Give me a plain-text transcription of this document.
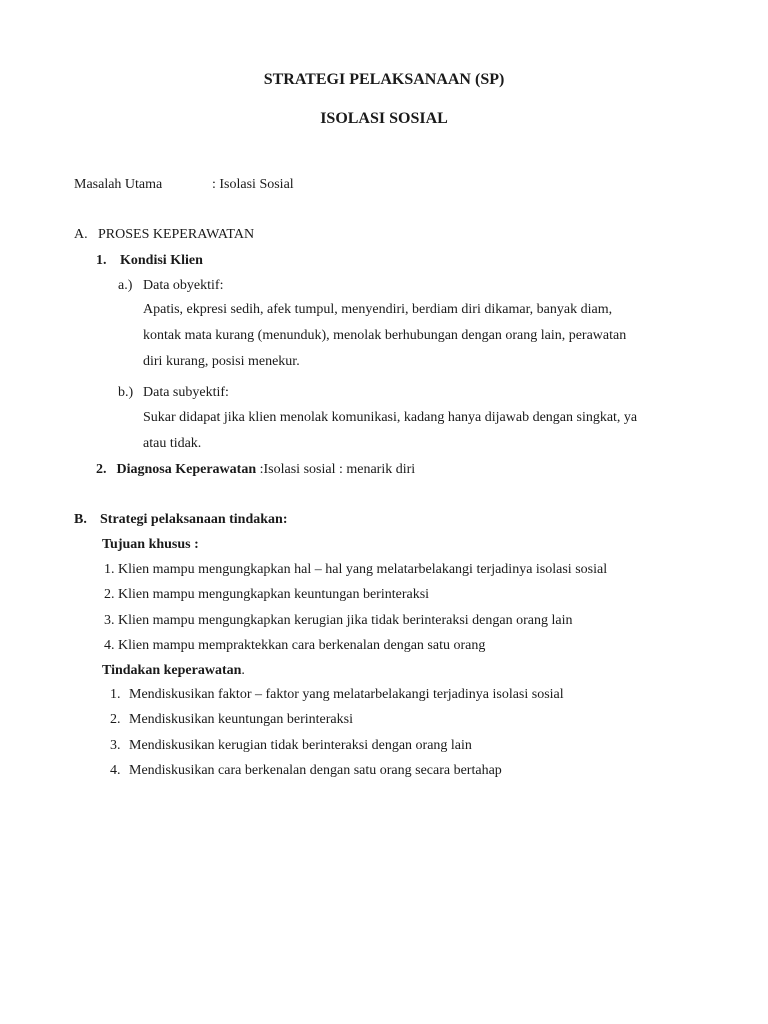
STRATEGI PELAKSANAAN (SP)
ISOLASI SOSIAL
Masalah Utama	: Isolasi Sosial
A. PROSES KEPERAWATAN
1. Kondisi Klien
a.) Data obyektif:
Apatis, ekpresi sedih, afek tumpul, menyendiri, berdiam diri dikamar, banyak diam,
kontak mata kurang (menunduk), menolak berhubungan dengan orang lain, perawatan
diri kurang, posisi menekur.
b.) Data subyektif:
Sukar didapat jika klien menolak komunikasi, kadang hanya dijawab dengan singkat, ya
atau tidak.
2. Diagnosa Keperawatan :Isolasi sosial : menarik diri
B. Strategi pelaksanaan tindakan:
Tujuan khusus :
1. Klien mampu mengungkapkan hal – hal yang melatarbelakangi terjadinya isolasi sosial
2. Klien mampu mengungkapkan keuntungan berinteraksi
3. Klien mampu mengungkapkan kerugian jika tidak berinteraksi dengan orang lain
4. Klien mampu mempraktekkan cara berkenalan dengan satu orang
Tindakan keperawatan.
1. Mendiskusikan faktor – faktor yang melatarbelakangi terjadinya isolasi sosial
2. Mendiskusikan keuntungan berinteraksi
3. Mendiskusikan kerugian tidak berinteraksi dengan orang lain
4. Mendiskusikan cara berkenalan dengan satu orang secara bertahap
